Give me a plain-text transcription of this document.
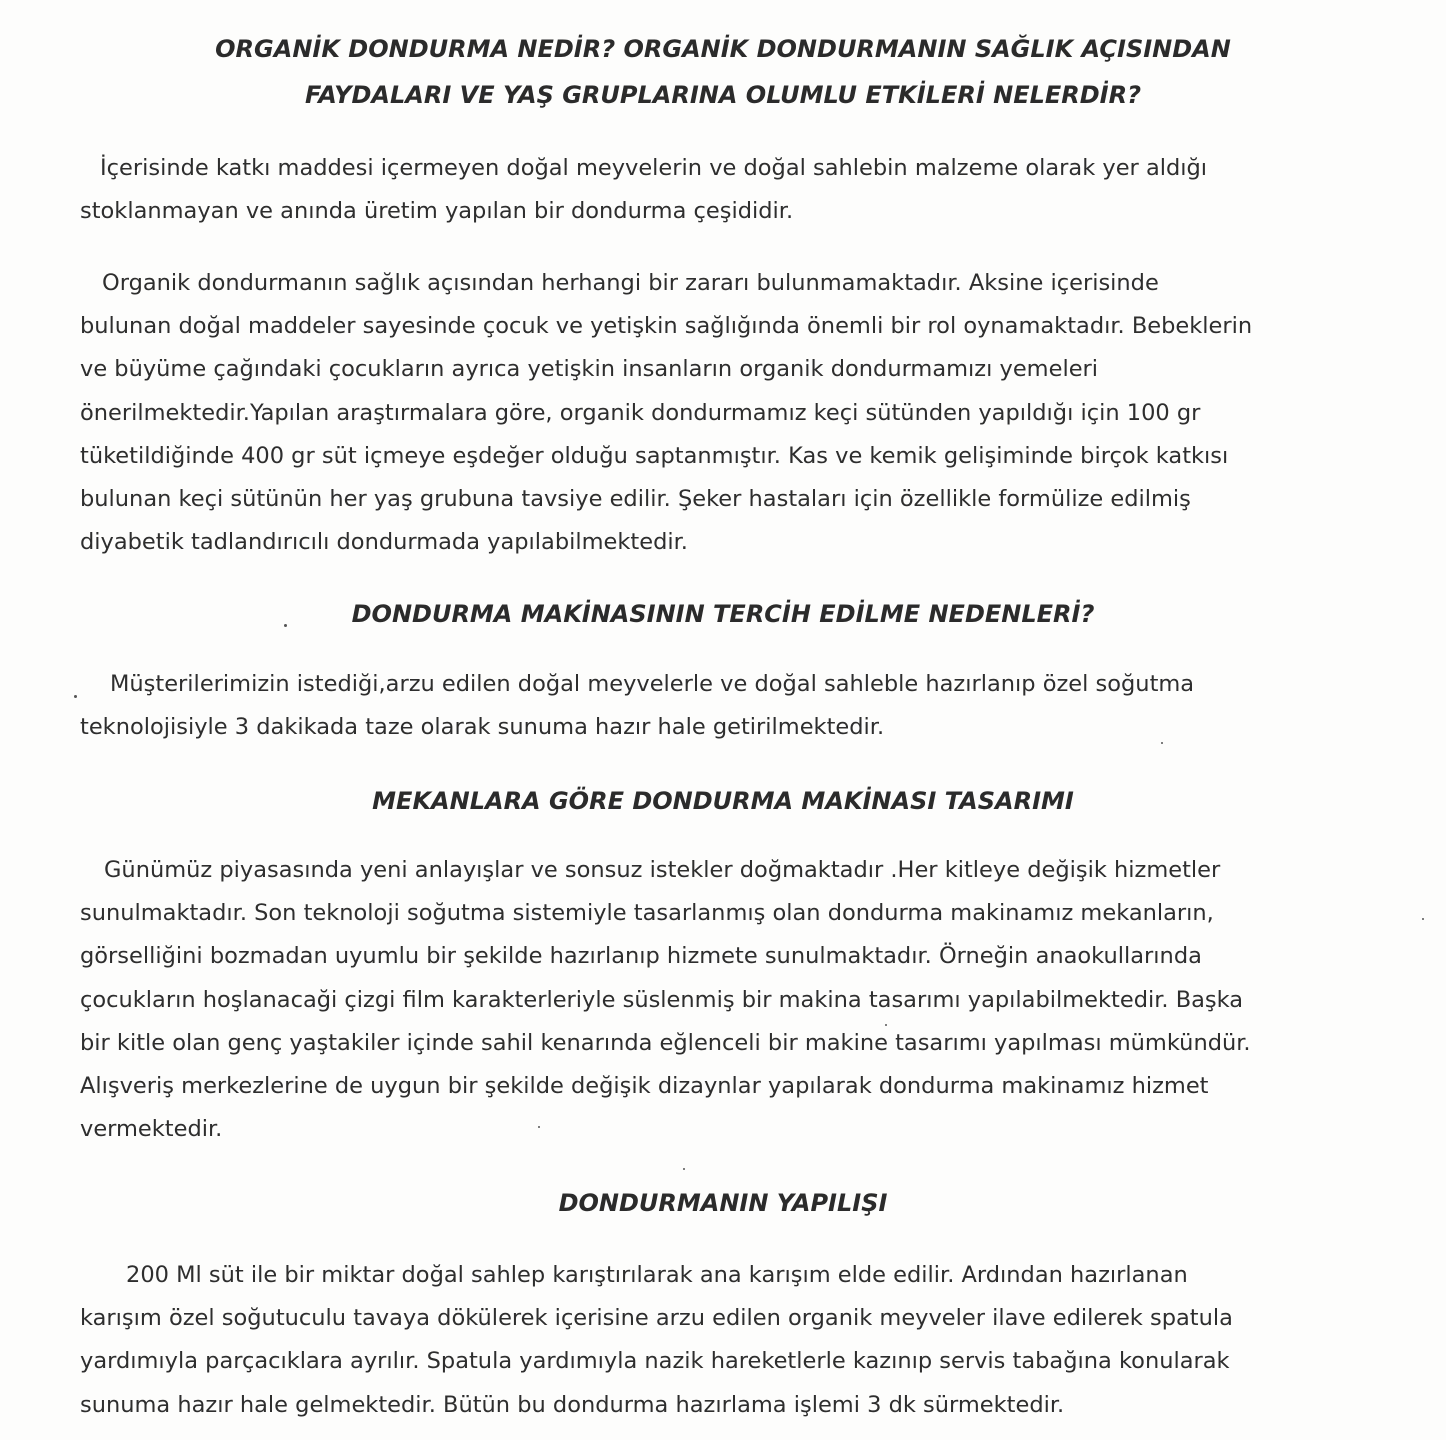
ORGANİK DONDURMA NEDİR? ORGANİK DONDURMANIN SAĞLIK AÇISINDAN
FAYDALARI VE YAŞ GRUPLARINA OLUMLU ETKİLERİ NELERDİR?
İçerisinde katkı maddesi içermeyen doğal meyvelerin ve doğal sahlebin malzeme olarak yer aldığı
stoklanmayan ve anında üretim yapılan bir dondurma çeşididir.
Organik dondurmanın sağlık açısından herhangi bir zararı bulunmamaktadır. Aksine içerisinde
bulunan doğal maddeler sayesinde çocuk ve yetişkin sağlığında önemli bir rol oynamaktadır. Bebeklerin
ve büyüme çağındaki çocukların ayrıca yetişkin insanların organik dondurmamızı yemeleri
önerilmektedir.Yapılan araştırmalara göre, organik dondurmamız keçi sütünden yapıldığı için 100 gr
tüketildiğinde 400 gr süt içmeye eşdeğer olduğu saptanmıştır. Kas ve kemik gelişiminde birçok katkısı
bulunan keçi sütünün her yaş grubuna tavsiye edilir. Şeker hastaları için özellikle formülize edilmiş
diyabetik tadlandırıcılı dondurmada yapılabilmektedir.
DONDURMA MAKİNASININ TERCİH EDİLME NEDENLERİ?
Müşterilerimizin istediği,arzu edilen doğal meyvelerle ve doğal sahleble hazırlanıp özel soğutma
teknolojisiyle 3 dakikada taze olarak sunuma hazır hale getirilmektedir.
MEKANLARA GÖRE DONDURMA MAKİNASI TASARIMI
Günümüz piyasasında yeni anlayışlar ve sonsuz istekler doğmaktadır .Her kitleye değişik hizmetler
sunulmaktadır. Son teknoloji soğutma sistemiyle tasarlanmış olan dondurma makinamız mekanların,
görselliğini bozmadan uyumlu bir şekilde hazırlanıp hizmete sunulmaktadır. Örneğin anaokullarında
çocukların hoşlanacaği çizgi film karakterleriyle süslenmiş bir makina tasarımı yapılabilmektedir. Başka
bir kitle olan genç yaştakiler içinde sahil kenarında eğlenceli bir makine tasarımı yapılması mümkündür.
Alışveriş merkezlerine de uygun bir şekilde değişik dizaynlar yapılarak dondurma makinamız hizmet
vermektedir.
DONDURMANIN YAPILIŞI
200 Ml süt ile bir miktar doğal sahlep karıştırılarak ana karışım elde edilir. Ardından hazırlanan
karışım özel soğutuculu tavaya dökülerek içerisine arzu edilen organik meyveler ilave edilerek spatula
yardımıyla parçacıklara ayrılır. Spatula yardımıyla nazik hareketlerle kazınıp servis tabağına konularak
sunuma hazır hale gelmektedir. Bütün bu dondurma hazırlama işlemi 3 dk sürmektedir.
